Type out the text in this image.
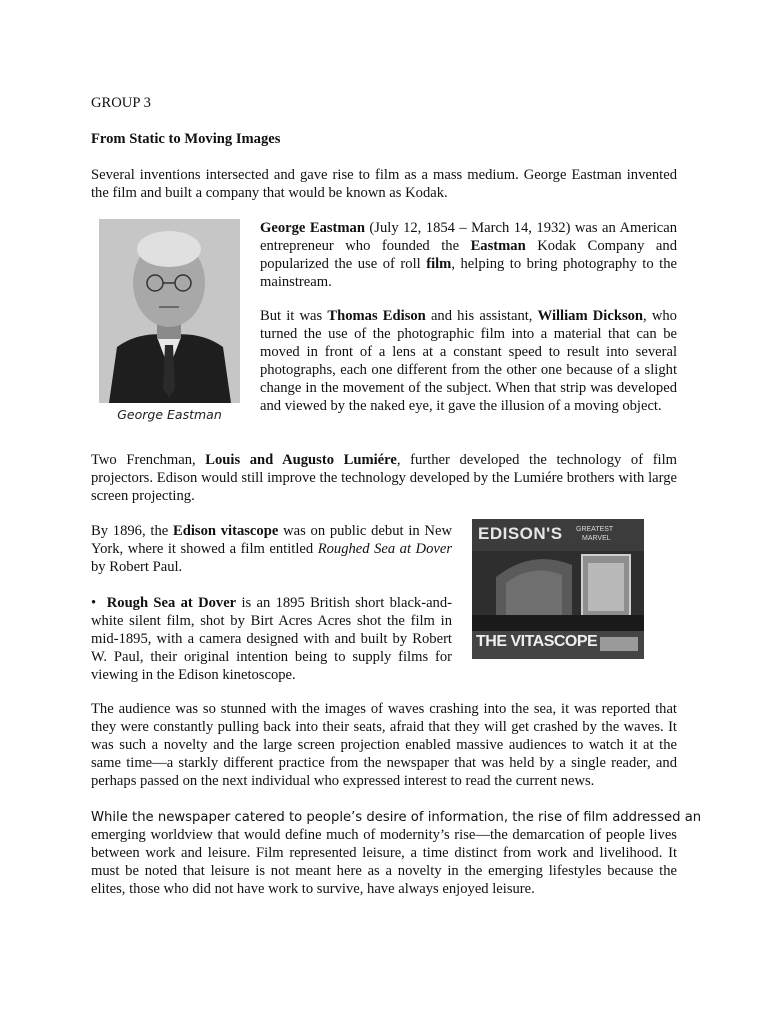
GROUP 3

From Static to Moving Images

Several inventions intersected and gave rise to film as a mass medium. George Eastman invented the film and built a company that would be known as Kodak.

George Eastman

George Eastman (July 12, 1854 – March 14, 1932) was an American entrepreneur who founded the Eastman Kodak Company and popularized the use of roll film, helping to bring photography to the mainstream.

But it was Thomas Edison and his assistant, William Dickson, who turned the use of the photographic film into a material that can be moved in front of a lens at a constant speed to result into several photographs, each one different from the other one because of a slight change in the movement of the subject. When that strip was developed and viewed by the naked eye, it gave the illusion of a moving object.

Two Frenchman, Louis and Augusto Lumiére, further developed the technology of film projectors. Edison would still improve the technology developed by the Lumiére brothers with large screen projecting.

By 1896, the Edison vitascope was on public debut in New York, where it showed a film entitled Roughed Sea at Dover by Robert Paul.

• Rough Sea at Dover is an 1895 British short black-and-white silent film, shot by Birt Acres Acres shot the film in mid-1895, with a camera designed with and built by Robert W. Paul, their original intention being to supply films for viewing in the Edison kinetoscope.

EDISON'S GREATEST
MARVEL
THE VITASCOPE

The audience was so stunned with the images of waves crashing into the sea, it was reported that they were constantly pulling back into their seats, afraid that they will get crashed by the waves. It was such a novelty and the large screen projection enabled massive audiences to watch it at the same time—a starkly different practice from the newspaper that was held by a single reader, and perhaps passed on the next individual who expressed interest to read the current news.

While the newspaper catered to people’s desire of information, the rise of film addressed an

emerging worldview that would define much of modernity’s rise—the demarcation of people lives between work and leisure. Film represented leisure, a time distinct from work and livelihood. It must be noted that leisure is not meant here as a novelty in the emerging lifestyles because the elites, those who did not have work to survive, have always enjoyed leisure.
